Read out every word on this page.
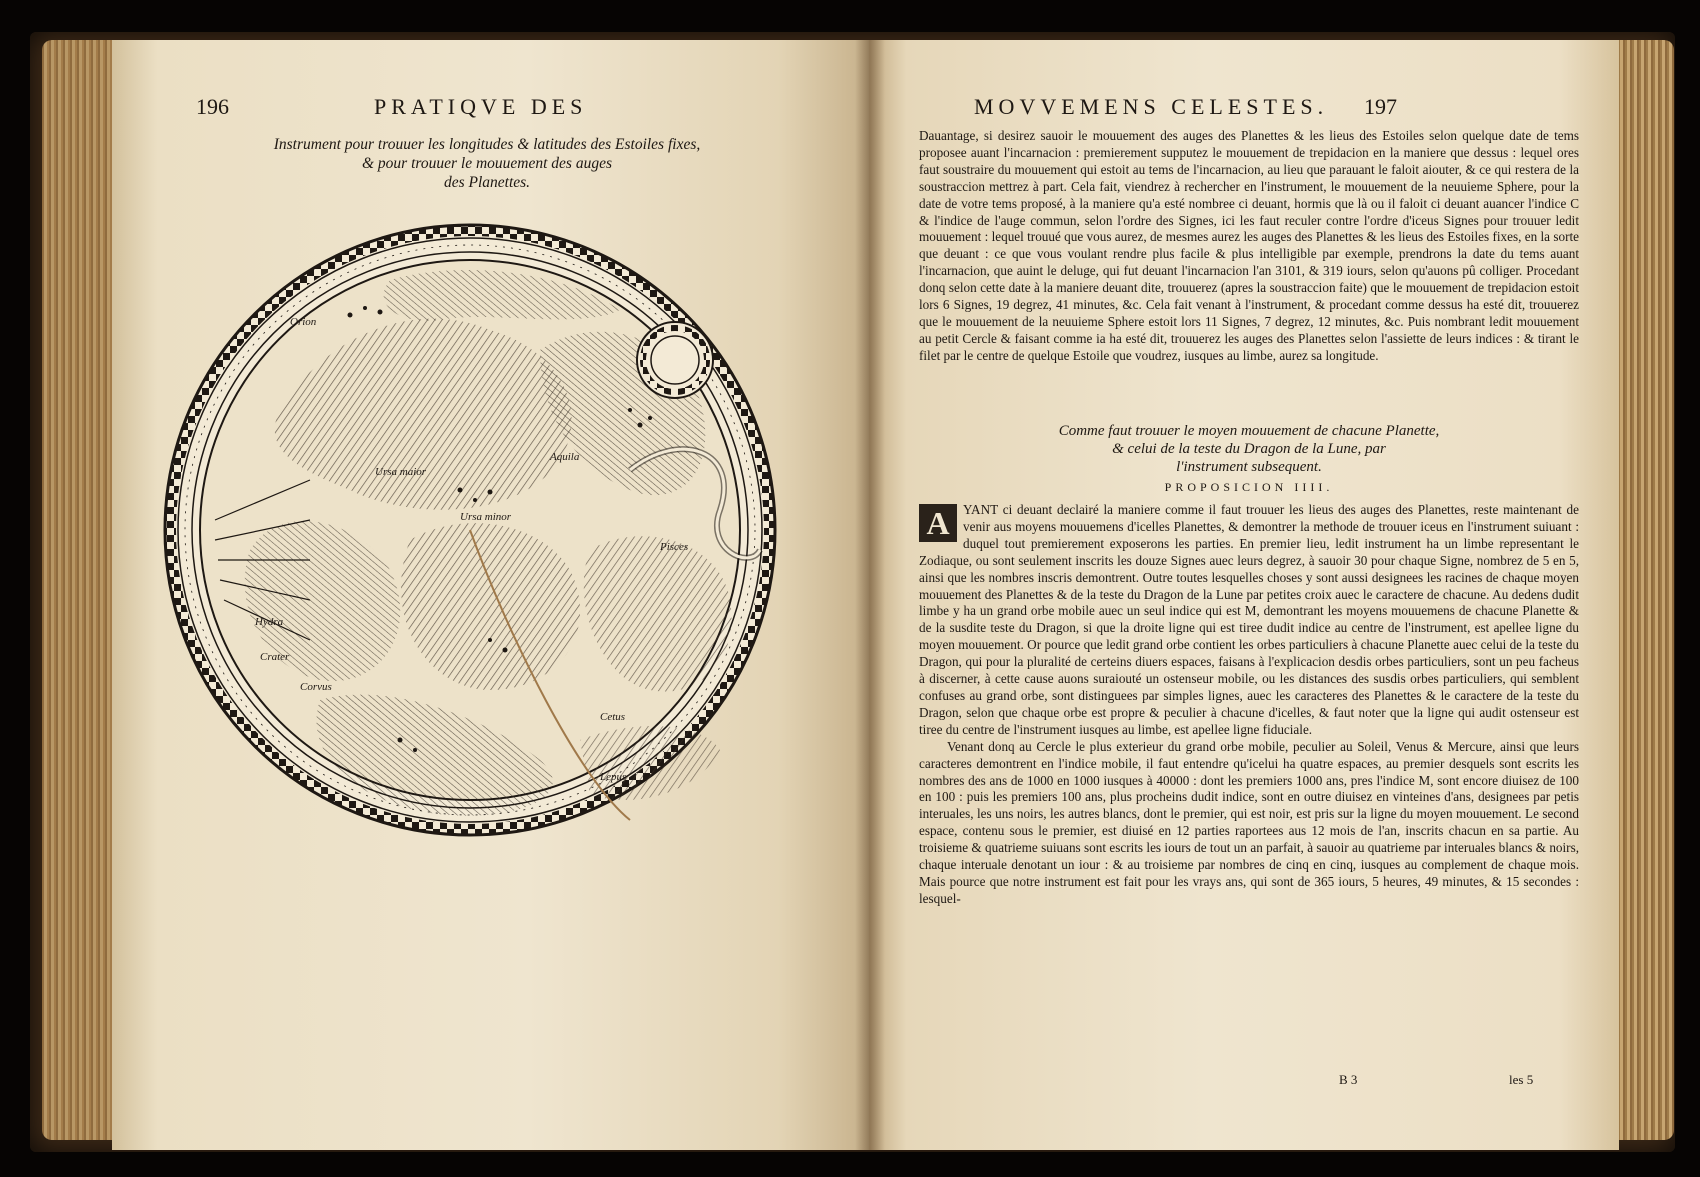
196	PRATIQVE DES
Instrument pour trouuer les longitudes & latitudes des Estoiles fixes,
& pour trouuer le mouuement des auges
des Planettes.
Ursa maior
Ursa minor
Pisces
Corvus
Crater
Hydra
Cetus
Orion
Lepus
Aquila
MOVVEMENS CELESTES. 197

Dauantage, si desirez sauoir le mouuement des auges des Planettes & les lieus des Estoiles selon quelque date de tems proposee auant l'incarnacion : premierement supputez le mouuement de trepidacion en la maniere que dessus : lequel ores faut soustraire du mouuement qui estoit au tems de l'incarnacion, au lieu que parauant le faloit aiouter, & ce qui restera de la soustraccion mettrez à part. Cela fait, viendrez à rechercher en l'instrument, le mouuement de la neuuieme Sphere, pour la date de votre tems proposé, à la maniere qu'a esté nombree ci deuant, hormis que là ou il faloit ci deuant auancer l'indice C & l'indice de l'auge commun, selon l'ordre des Signes, ici les faut reculer contre l'ordre d'iceus Signes pour trouuer ledit mouuement : lequel trouué que vous aurez, de mesmes aurez les auges des Planettes & les lieus des Estoiles fixes, en la sorte que deuant : ce que vous voulant rendre plus facile & plus intelligible par exemple, prendrons la date du tems auant l'incarnacion, que auint le deluge, qui fut deuant l'incarnacion l'an 3101, & 319 iours, selon qu'auons pû colliger. Procedant donq selon cette date à la maniere deuant dite, trouuerez (apres la soustraccion faite) que le mouuement de trepidacion estoit lors 6 Signes, 19 degrez, 41 minutes, &c. Cela fait venant à l'instrument, & procedant comme dessus ha esté dit, trouuerez que le mouuement de la neuuieme Sphere estoit lors 11 Signes, 7 degrez, 12 minutes, &c. Puis nombrant ledit mouuement au petit Cercle & faisant comme ia ha esté dit, trouuerez les auges des Planettes selon l'assiette de leurs indices : & tirant le filet par le centre de quelque Estoile que voudrez, iusques au limbe, aurez sa longitude.

Comme faut trouuer le moyen mouuement de chacune Planette,
& celui de la teste du Dragon de la Lune, par
l'instrument subsequent.
PROPOSICION IIII.
A	YANT ci deuant declairé la maniere comme il faut trouuer les lieus des auges des Planettes, reste maintenant de venir aus moyens mouuemens d'icelles Planettes, & demontrer la methode de trouuer iceus en l'instrument suiuant : duquel tout premierement exposerons les parties. En premier lieu, ledit instrument ha un limbe representant le Zodiaque, ou sont seulement inscrits les douze Signes auec leurs degrez, à sauoir 30 pour chaque Signe, nombrez de 5 en 5, ainsi que les nombres inscris demontrent. Outre toutes lesquelles choses y sont aussi designees les racines de chaque moyen mouuement des Planettes & de la teste du Dragon de la Lune par petites croix auec le caractere de chacune. Au dedens dudit limbe y ha un grand orbe mobile auec un seul indice qui est M, demontrant les moyens mouuemens de chacune Planette & de la susdite teste du Dragon, si que la droite ligne qui est tiree dudit indice au centre de l'instrument, est apellee ligne du moyen mouuement. Or pource que ledit grand orbe contient les orbes particuliers à chacune Planette auec celui de la teste du Dragon, qui pour la pluralité de certeins diuers espaces, faisans à l'explicacion desdis orbes particuliers, sont un peu facheus à discerner, à cette cause auons suraiouté un ostenseur mobile, ou les distances des susdis orbes particuliers, qui semblent confuses au grand orbe, sont distinguees par simples lignes, auec les caracteres des Planettes & le caractere de la teste du Dragon, selon que chaque orbe est propre & peculier à chacune d'icelles, & faut noter que la ligne qui audit ostenseur est tiree du centre de l'instrument iusques au limbe, est apellee ligne fiduciale.

Venant donq au Cercle le plus exterieur du grand orbe mobile, peculier au Soleil, Venus & Mercure, ainsi que leurs caracteres demontrent en l'indice mobile, il faut entendre qu'icelui ha quatre espaces, au premier desquels sont escrits les nombres des ans de 1000 en 1000 iusques à 40000 : dont les premiers 1000 ans, pres l'indice M, sont encore diuisez de 100 en 100 : puis les premiers 100 ans, plus procheins dudit indice, sont en outre diuisez en vinteines d'ans, designees par petis interuales, les uns noirs, les autres blancs, dont le premier, qui est noir, est pris sur la ligne du moyen mouuement. Le second espace, contenu sous le premier, est diuisé en 12 parties raportees aus 12 mois de l'an, inscrits chacun en sa partie. Au troisieme & quatrieme suiuans sont escrits les iours de tout un an parfait, à sauoir au quatrieme par interuales blancs & noirs, chaque interuale denotant un iour : & au troisieme par nombres de cinq en cinq, iusques au complement de chaque mois. Mais pource que notre instrument est fait pour les vrays ans, qui sont de 365 iours, 5 heures, 49 minutes, & 15 secondes : lesquel-

B 3	les 5
